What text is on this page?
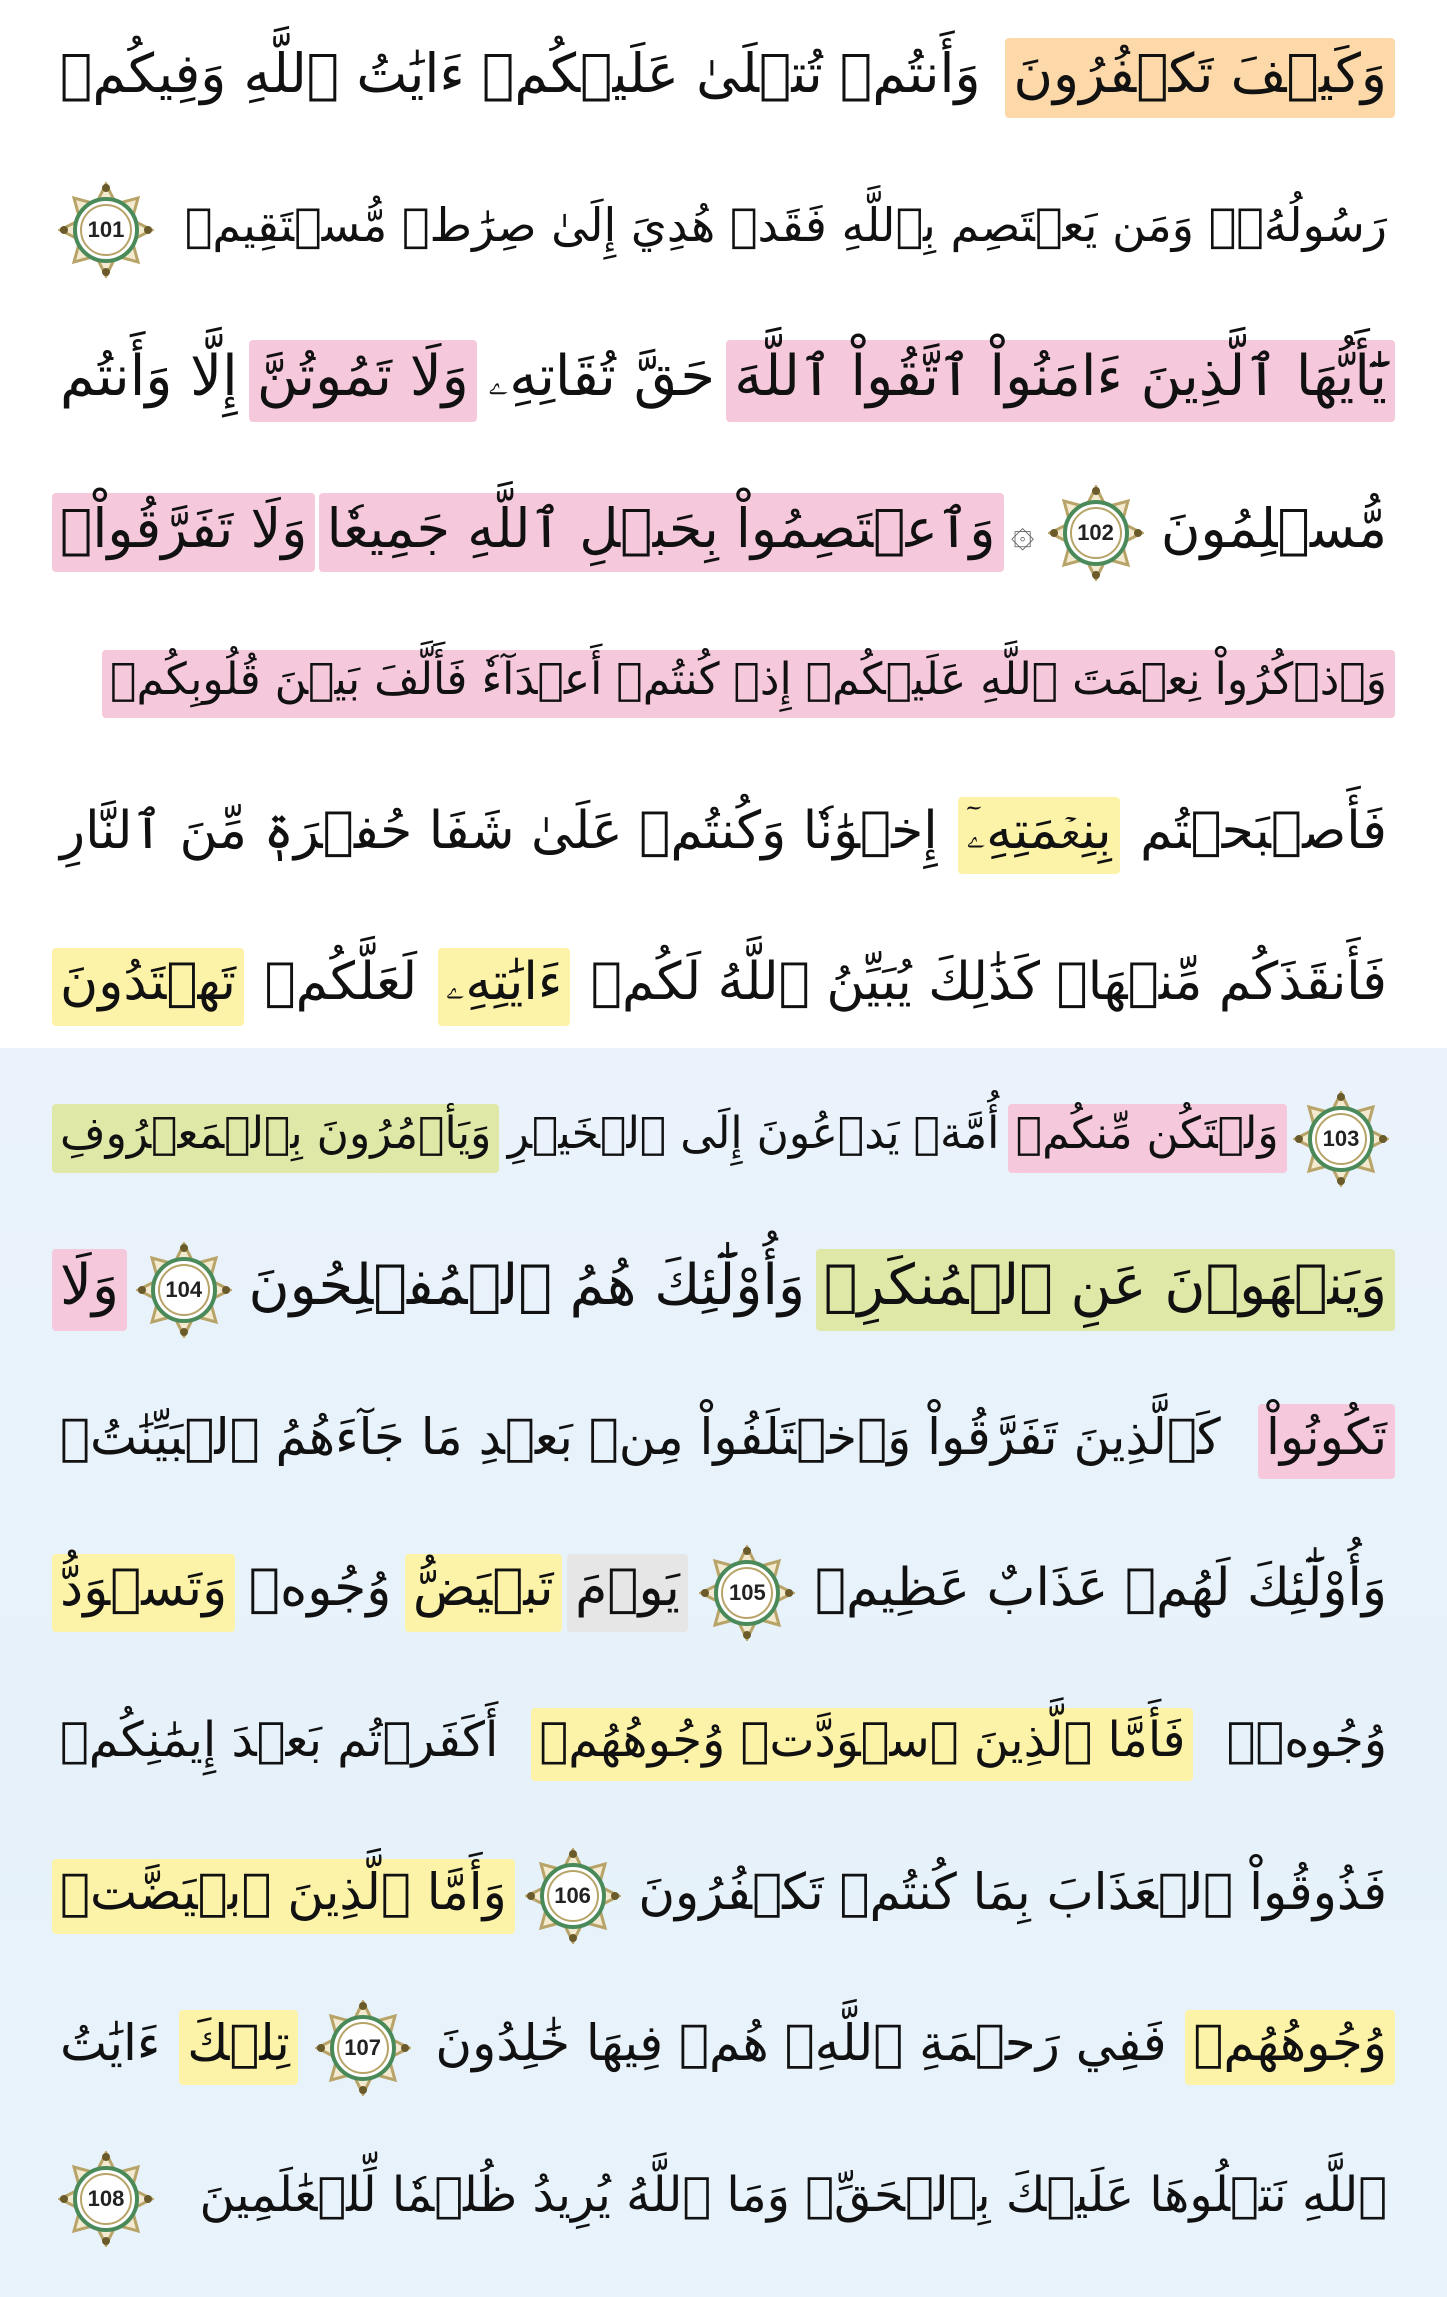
وَكَيۡفَ تَكۡفُرُونَ
وَأَنتُمۡ تُتۡلَىٰ عَلَيۡكُمۡ ءَايَٰتُ ٱللَّهِ وَفِيكُمۡ
رَسُولُهُۥۗ وَمَن يَعۡتَصِم بِٱللَّهِ فَقَدۡ هُدِيَ إِلَىٰ صِرَٰطٖ مُّسۡتَقِيمٖ
101
يَٰٓأَيُّهَا ٱلَّذِينَ ءَامَنُواْ ٱتَّقُواْ ٱللَّهَ
حَقَّ تُقَاتِهِۦ
وَلَا تَمُوتُنَّ
إِلَّا وَأَنتُم
مُّسۡلِمُونَ
102
۞
وَٱعۡتَصِمُواْ بِحَبۡلِ ٱللَّهِ جَمِيعٗا
وَلَا تَفَرَّقُواْۚ
وَٱذۡكُرُواْ نِعۡمَتَ ٱللَّهِ عَلَيۡكُمۡ إِذۡ كُنتُمۡ أَعۡدَآءٗ فَأَلَّفَ بَيۡنَ قُلُوبِكُمۡ
فَأَصۡبَحۡتُم
بِنِعۡمَتِهِۦٓ
إِخۡوَٰنٗا وَكُنتُمۡ عَلَىٰ شَفَا حُفۡرَةٖ مِّنَ ٱلنَّارِ
فَأَنقَذَكُم مِّنۡهَاۗ كَذَٰلِكَ يُبَيِّنُ ٱللَّهُ لَكُمۡ
ءَايَٰتِهِۦ
لَعَلَّكُمۡ
تَهۡتَدُونَ
103
وَلۡتَكُن مِّنكُمۡ
أُمَّةٞ يَدۡعُونَ إِلَى ٱلۡخَيۡرِ
وَيَأۡمُرُونَ بِٱلۡمَعۡرُوفِ
وَيَنۡهَوۡنَ عَنِ ٱلۡمُنكَرِۚ
وَأُوْلَٰٓئِكَ هُمُ ٱلۡمُفۡلِحُونَ
104
وَلَا
تَكُونُواْ
كَٱلَّذِينَ تَفَرَّقُواْ وَٱخۡتَلَفُواْ مِنۢ بَعۡدِ مَا جَآءَهُمُ ٱلۡبَيِّنَٰتُۚ
وَأُوْلَٰٓئِكَ لَهُمۡ عَذَابٌ عَظِيمٞ
105
يَوۡمَ
تَبۡيَضُّ
وُجُوهٞ
وَتَسۡوَدُّ
وُجُوهٞۚ
فَأَمَّا ٱلَّذِينَ ٱسۡوَدَّتۡ وُجُوهُهُمۡ
أَكَفَرۡتُم بَعۡدَ إِيمَٰنِكُمۡ
فَذُوقُواْ ٱلۡعَذَابَ بِمَا كُنتُمۡ تَكۡفُرُونَ
106
وَأَمَّا ٱلَّذِينَ ٱبۡيَضَّتۡ
وُجُوهُهُمۡ
فَفِي رَحۡمَةِ ٱللَّهِۖ هُمۡ فِيهَا خَٰلِدُونَ
107
تِلۡكَ
ءَايَٰتُ
ٱللَّهِ نَتۡلُوهَا عَلَيۡكَ بِٱلۡحَقِّۗ وَمَا ٱللَّهُ يُرِيدُ ظُلۡمٗا لِّلۡعَٰلَمِينَ
108
